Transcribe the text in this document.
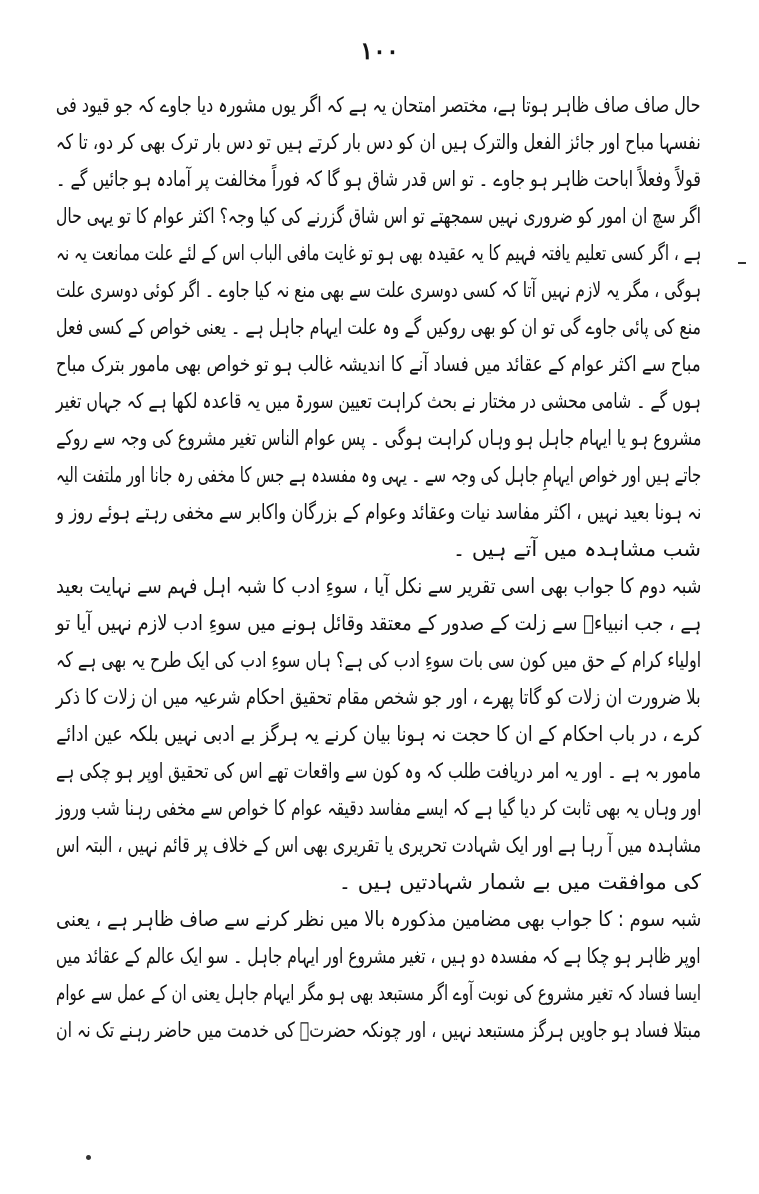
۱۰۰
حال صاف صاف ظاہر ہوتا ہے، مختصر امتحان یہ ہے کہ اگر یوں مشورہ دیا جاوے کہ جو قیود فی
نفسہا مباح اور جائز الفعل والترک ہیں ان کو دس بار کرتے ہیں تو دس بار ترک بھی کر دو، تا کہ
قولاً وفعلاً اباحت ظاہر ہو جاوے ۔ تو اس قدر شاق ہو گا کہ فوراً مخالفت پر آمادہ ہو جائیں گے ۔
اگر سچ ان امور کو ضروری نہیں سمجھتے تو اس شاق گزرنے کی کیا وجہ؟ اکثر عوام کا تو یہی حال
ہے ، اگر کسی تعلیم یافتہ فہیم کا یہ عقیدہ بھی ہو تو غایت مافی الباب اس کے لئے علت ممانعت یہ نہ
ہوگی ، مگر یہ لازم نہیں آتا کہ کسی دوسری علت سے بھی منع نہ کیا جاوے ۔ اگر کوئی دوسری علت
منع کی پائی جاوے گی تو ان کو بھی روکیں گے وہ علت ایہام جاہل ہے ۔ یعنی خواص کے کسی فعل
مباح سے اکثر عوام کے عقائد میں فساد آنے کا اندیشہ غالب ہو تو خواص بھی مامور بترک مباح
ہوں گے ۔ شامی محشی در مختار نے بحث کراہت تعیین سورۃ میں یہ قاعدہ لکھا ہے کہ جہاں تغیر
مشروع ہو یا ایہام جاہل ہو وہاں کراہت ہوگی ۔ پس عوام الناس تغیر مشروع کی وجہ سے روکے
جاتے ہیں اور خواص ایہامِ جاہل کی وجہ سے ۔ یہی وہ مفسدہ ہے جس کا مخفی رہ جانا اور ملتفت الیہ
نہ ہونا بعید نہیں ، اکثر مفاسد نیات وعقائد وعوام کے بزرگان واکابر سے مخفی رہتے ہوئے روز و
شب مشاہدہ میں آتے ہیں ۔
شبہ دوم کا جواب بھی اسی تقریر سے نکل آیا ، سوءِ ادب کا شبہ اہل فہم سے نہایت بعید
ہے ، جب انبیاءؑ سے زلت کے صدور کے معتقد وقائل ہونے میں سوءِ ادب لازم نہیں آیا تو
اولیاء کرام کے حق میں کون سی بات سوءِ ادب کی ہے؟ ہاں سوءِ ادب کی ایک طرح یہ بھی ہے کہ
بلا ضرورت ان زلات کو گاتا پھرے ، اور جو شخص مقام تحقیق احکام شرعیہ میں ان زلات کا ذکر
کرے ، در باب احکام کے ان کا حجت نہ ہونا بیان کرنے یہ ہرگز بے ادبی نہیں بلکہ عین ادائے
مامور بہ ہے ۔ اور یہ امر دریافت طلب کہ وہ کون سے واقعات تھے اس کی تحقیق اوپر ہو چکی ہے
اور وہاں یہ بھی ثابت کر دیا گیا ہے کہ ایسے مفاسد دقیقہ عوام کا خواص سے مخفی رہنا شب وروز
مشاہدہ میں آ رہا ہے اور ایک شہادت تحریری یا تقریری بھی اس کے خلاف پر قائم نہیں ، البتہ اس
کی موافقت میں بے شمار شہادتیں ہیں ۔
شبہ سوم : کا جواب بھی مضامین مذکورہ بالا میں نظر کرنے سے صاف ظاہر ہے ، یعنی
اوپر ظاہر ہو چکا ہے کہ مفسدہ دو ہیں ، تغیر مشروع اور ایہام جاہل ۔ سو ایک عالم کے عقائد میں
ایسا فساد کہ تغیر مشروع کی نوبت آوے اگر مستبعد بھی ہو مگر ایہام جاہل یعنی ان کے عمل سے عوام
مبتلا فساد ہو جاویں ہرگز مستبعد نہیں ، اور چونکہ حضرتؒ کی خدمت میں حاضر رہنے تک نہ ان
